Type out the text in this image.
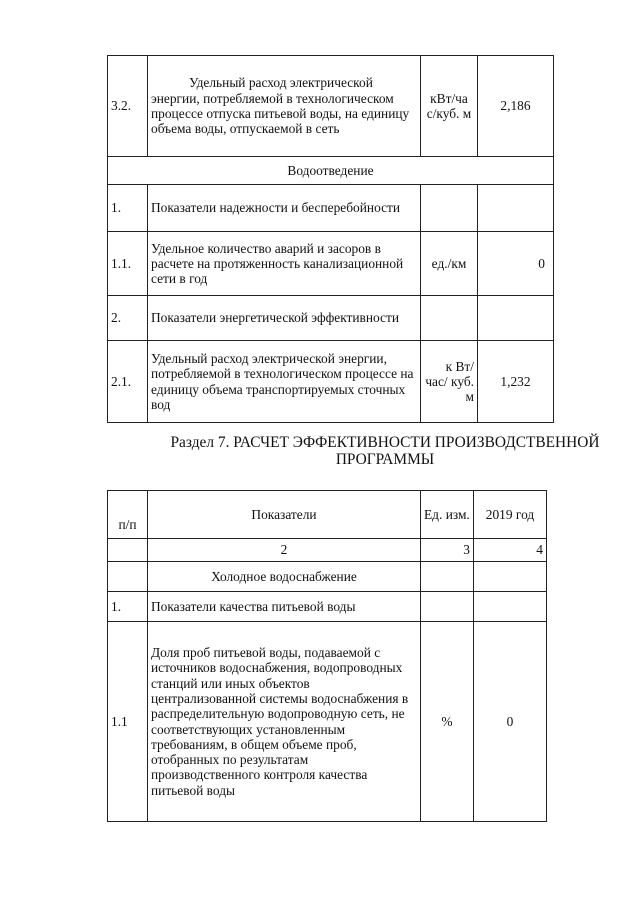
3.2.	Удельный расход электрической энергии, потребляемой в технологическом процессе отпуска питьевой воды, на единицу объема воды, отпускаемой в сеть	кВт/ча с/куб. м	2,186
Водоотведение			
1.	Показатели надежности и бесперебойности		
1.1.	Удельное количество аварий и засоров в расчете на протяженность канализационной сети в год	ед./км	0
2.	Показатели энергетической эффективности		
2.1.	Удельный расход электрической энергии, потребляемой в технологическом процессе на единицу объема транспортируемых сточных вод	к Вт/час/ куб. м	1,232
Раздел 7. РАСЧЕТ ЭФФЕКТИВНОСТИ ПРОИЗВОДСТВЕННОЙ ПРОГРАММЫ
п/п	Показатели	Ед. изм.	2019 год
	2	3	4
	Холодное водоснабжение		
1.	Показатели качества питьевой воды		
1.1	Доля проб питьевой воды, подаваемой с источников водоснабжения, водопроводных станций или иных объектов централизованной системы водоснабжения в распределительную водопроводную сеть, не соответствующих установленным требованиям, в общем объеме проб, отобранных по результатам производственного контроля качества питьевой воды	%	0
